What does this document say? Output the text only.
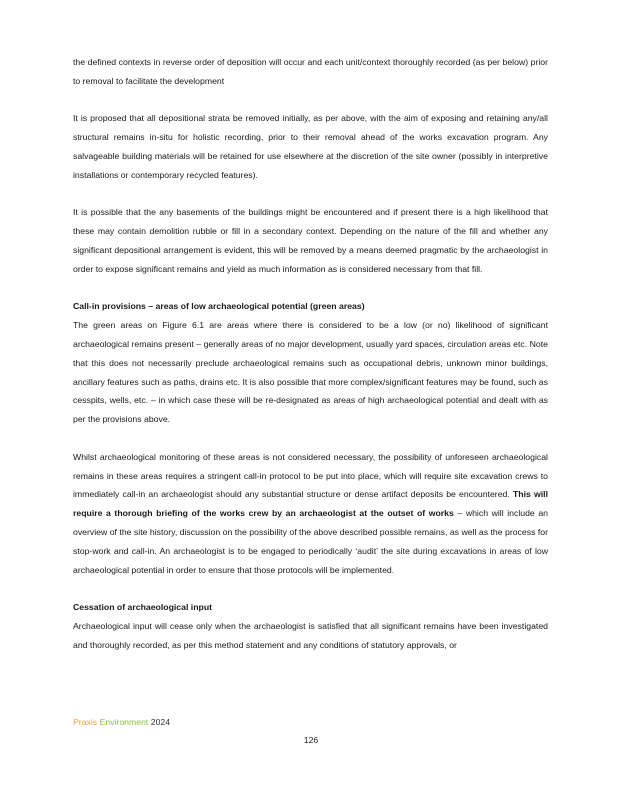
the defined contexts in reverse order of deposition will occur and each unit/context thoroughly recorded (as per below) prior to removal to facilitate the development

It is proposed that all depositional strata be removed initially, as per above, with the aim of exposing and retaining any/all structural remains in-situ for holistic recording, prior to their removal ahead of the works excavation program. Any salvageable building materials will be retained for use elsewhere at the discretion of the site owner (possibly in interpretive installations or contemporary recycled features).

It is possible that the any basements of the buildings might be encountered and if present there is a high likelihood that these may contain demolition rubble or fill in a secondary context. Depending on the nature of the fill and whether any significant depositional arrangement is evident, this will be removed by a means deemed pragmatic by the archaeologist in order to expose significant remains and yield as much information as is considered necessary from that fill.

Call-in provisions – areas of low archaeological potential (green areas)

The green areas on Figure 6.1 are areas where there is considered to be a low (or no) likelihood of significant archaeological remains present – generally areas of no major development, usually yard spaces, circulation areas etc. Note that this does not necessarily preclude archaeological remains such as occupational debris, unknown minor buildings, ancillary features such as paths, drains etc. It is also possible that more complex/significant features may be found, such as cesspits, wells, etc. – in which case these will be re-designated as areas of high archaeological potential and dealt with as per the provisions above.

Whilst archaeological monitoring of these areas is not considered necessary, the possibility of unforeseen archaeological remains in these areas requires a stringent call-in protocol to be put into place, which will require site excavation crews to immediately call-in an archaeologist should any substantial structure or dense artifact deposits be encountered. This will require a thorough briefing of the works crew by an archaeologist at the outset of works – which will include an overview of the site history, discussion on the possibility of the above described possible remains, as well as the process for stop-work and call-in. An archaeologist is to be engaged to periodically ‘audit’ the site during excavations in areas of low archaeological potential in order to ensure that those protocols will be implemented.

Cessation of archaeological input

Archaeological input will cease only when the archaeologist is satisfied that all significant remains have been investigated and thoroughly recorded, as per this method statement and any conditions of statutory approvals, or

Praxis Environment 2024
126
